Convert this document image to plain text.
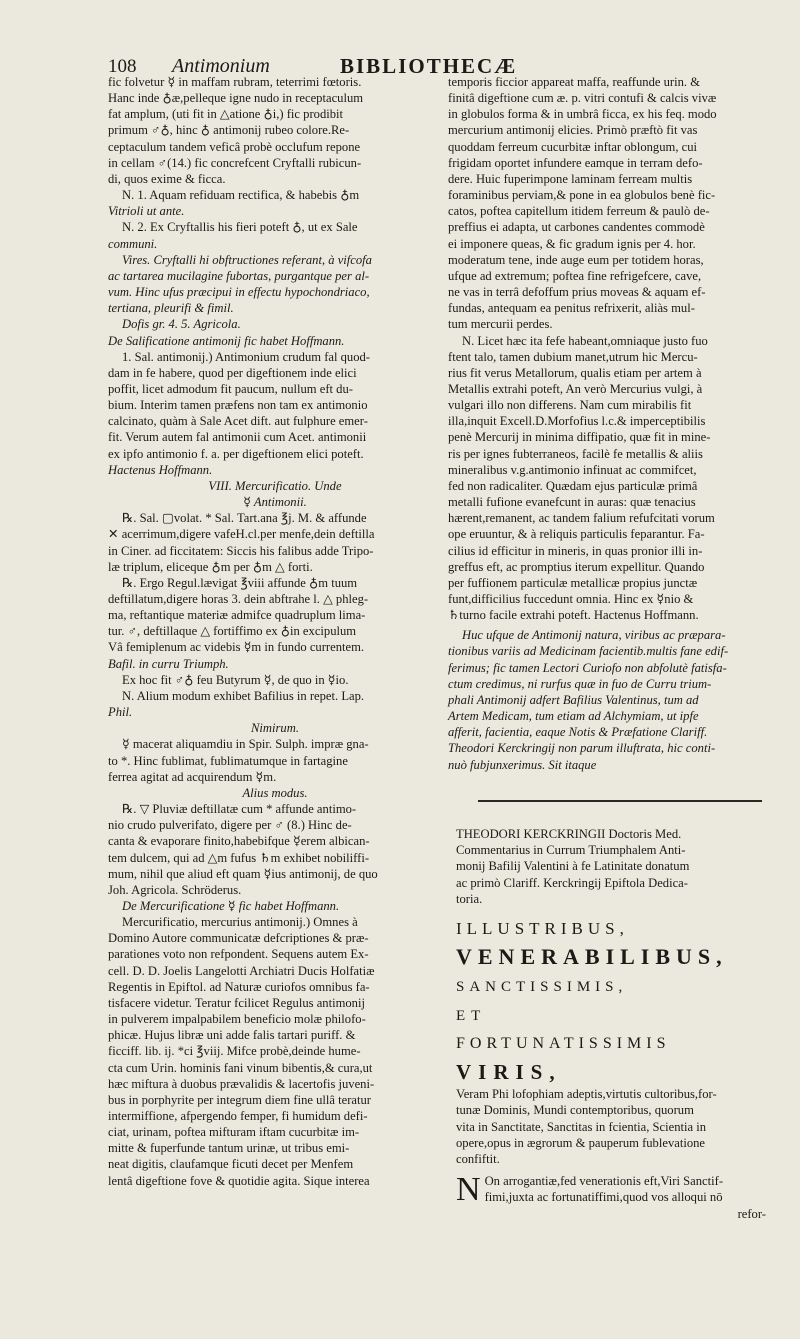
108 Antimonium	BIBLIOTHECÆ

fic folvetur ☿ in maffam rubram, teterrimi fœtoris.

Hanc inde ♁æ,pelleque igne nudo in receptaculum

fat amplum, (uti fit in △atione ♁i,) fic prodibit

primum ♂♁, hinc ♁ antimonij rubeo colore.Re-

ceptaculum tandem veficâ probè occlufum repone

in cellam ♂(14.) fic concrefcent Cryftalli rubicun-

di, quos exime & ficca.

N. 1. Aquam refiduam rectifica, & habebis ♁m

Vitrioli ut ante.

N. 2. Ex Cryftallis his fieri poteft ♁, ut ex Sale

communi.

Vires. Cryftalli hi obftructiones referant, à vifcofa

ac tartarea mucilagine fubortas, purgantque per al-

vum. Hinc ufus præcipui in effectu hypochondriaco,

tertiana, pleurifi & fimil.

Dofis gr. 4. 5. Agricola.

De Salificatione antimonij fic habet Hoffmann.

1. Sal. antimonij.) Antimonium crudum fal quod-

dam in fe habere, quod per digeftionem inde elici

poffit, licet admodum fit paucum, nullum eft du-

bium. Interim tamen præfens non tam ex antimonio

calcinato, quàm à Sale Acet dift. aut fulphure emer-

fit. Verum autem fal antimonii cum Acet. antimonii

ex ipfo antimonio f. a. per digeftionem elici poteft.

Hactenus Hoffmann.

VIII. Mercurificatio. Unde

☿ Antimonii.

℞. Sal. ▢volat. * Sal. Tart.ana ℥j. M. & affunde

✕ acerrimum,digere vafeH.cl.per menfe,dein deftilla

in Ciner. ad ficcitatem: Siccis his falibus adde Tripo-

læ triplum, eliceque ♁m per ♁m △ forti.

℞. Ergo Regul.lævigat ℥viii affunde ♁m tuum

deftillatum,digere horas 3. dein abftrahe l. △ phleg-

ma, reftantique materiæ admifce quadruplum lima-

tur. ♂, deftillaque △ fortiffimo ex ♁in excipulum

Vâ femiplenum ac videbis ☿m in fundo currentem.

Bafil. in curru Triumph.

Ex hoc fit ♂♁ feu Butyrum ☿, de quo in ☿io.

N. Alium modum exhibet Bafilius in repet. Lap.

Phil.

Nimirum.

☿ macerat aliquamdiu in Spir. Sulph. impræ gna-

to *. Hinc fublimat, fublimatumque in fartagine

ferrea agitat ad acquirendum ☿m.

Alius modus.

℞. ▽ Pluviæ deftillatæ cum * affunde antimo-

nio crudo pulverifato, digere per ♂ (8.) Hinc de-

canta & evaporare finito,habebifque ☿erem albican-

tem dulcem, qui ad △m fufus ♄m exhibet nobiliffi-

mum, nihil que aliud eft quam ☿ius antimonij, de quo

Joh. Agricola. Schröderus.

De Mercurificatione ☿ fic habet Hoffmann.

Mercurificatio, mercurius antimonij.) Omnes à

Domino Autore communicatæ defcriptiones & præ-

parationes voto non refpondent. Sequens autem Ex-

cell. D. D. Joelis Langelotti Archiatri Ducis Holfatiæ

Regentis in Epiftol. ad Naturæ curiofos omnibus fa-

tisfacere videtur. Teratur fcilicet Regulus antimonij

in pulverem impalpabilem beneficio molæ philofo-

phicæ. Hujus libræ uni adde falis tartari puriff. &

ficciff. lib. ij. *ci ℥viij. Mifce probè,deinde hume-

cta cum Urin. hominis fani vinum bibentis,& cura,ut

hæc miftura à duobus prævalidis & lacertofis juveni-

bus in porphyrite per integrum diem fine ullâ teratur

intermiffione, afpergendo femper, fi humidum defi-

ciat, urinam, poftea mifturam iftam cucurbitæ im-

mitte & fuperfunde tantum urinæ, ut tribus emi-

neat digitis, claufamque ficuti decet per Menfem

lentâ digeftione fove & quotidie agita. Sique interea

temporis ficcior appareat maffa, reaffunde urin. &

finitâ digeftione cum æ. p. vitri contufi & calcis vivæ

in globulos forma & in umbrâ ficca, ex his feq. modo

mercurium antimonij elicies. Primò præftò fit vas

quoddam ferreum cucurbitæ inftar oblongum, cui

frigidam oportet infundere eamque in terram defo-

dere. Huic fuperimpone laminam ferream multis

foraminibus perviam,& pone in ea globulos benè fic-

catos, poftea capitellum itidem ferreum & paulò de-

preffius ei adapta, ut carbones candentes commodè

ei imponere queas, & fic gradum ignis per 4. hor.

moderatum tene, inde auge eum per totidem horas,

ufque ad extremum; poftea fine refrigefcere, cave,

ne vas in terrâ defoffum prius moveas & aquam ef-

fundas, antequam ea penitus refrixerit, aliàs mul-

tum mercurii perdes.

N. Licet hæc ita fefe habeant,omniaque justo fuo

ftent talo, tamen dubium manet,utrum hic Mercu-

rius fit verus Metallorum, qualis etiam per artem à

Metallis extrahi poteft, An verò Mercurius vulgi, à

vulgari illo non differens. Nam cum mirabilis fit

illa,inquit Excell.D.Morfofius l.c.& imperceptibilis

penè Mercurij in minima diffipatio, quæ fit in mine-

ris per ignes fubterraneos, facilè fe metallis & aliis

mineralibus v.g.antimonio infinuat ac commifcet,

fed non radicaliter. Quædam ejus particulæ primâ

metalli fufione evanefcunt in auras: quæ tenacius

hærent,remanent, ac tandem falium refufcitati vorum

ope eruuntur, & à reliquis particulis feparantur. Fa-

cilius id efficitur in mineris, in quas pronior illi in-

greffus eft, ac promptius iterum expellitur. Quando

per fuffionem particulæ metallicæ propius junctæ

funt,difficilius fuccedunt omnia. Hinc ex ☿nio &

♄turno facile extrahi poteft. Hactenus Hoffmann.

Huc ufque de Antimonij natura, viribus ac præpara-

tionibus variis ad Medicinam facientib.multis fane edif-

ferimus; fic tamen Lectori Curiofo non abfolutè fatisfa-

ctum credimus, ni rurfus quæ in fuo de Curru trium-

phali Antimonij adfert Bafilius Valentinus, tum ad

Artem Medicam, tum etiam ad Alchymiam, ut ipfe

afferit, facientia, eaque Notis & Præfatione Clariff.

Theodori Kerckringij non parum illuftrata, hic conti-

nuò fubjunxerimus. Sit itaque

THEODORI KERCKRINGII Doctoris Med.

Commentarius in Currum Triumphalem Anti-

monij Bafilij Valentini à fe Latinitate donatum

ac primò Clariff. Kerckringij Epiftola Dedica-

toria.

ILLUSTRIBUS,

VENERABILIBUS,

SANCTISSIMIS,

ET

FORTUNATISSIMIS

VIRIS,

Veram Phi lofophiam adeptis,virtutis cultoribus,for-

tunæ Dominis, Mundi contemptoribus, quorum

vita in Sanctitate, Sanctitas in fcientia, Scientia in

opere,opus in ægrorum & pauperum fublevatione

confiftit.

N On arrogantiæ,fed venerationis eft,Viri Sanctif-

fimi,juxta ac fortunatiffimi,quod vos alloqui nō

refor-
